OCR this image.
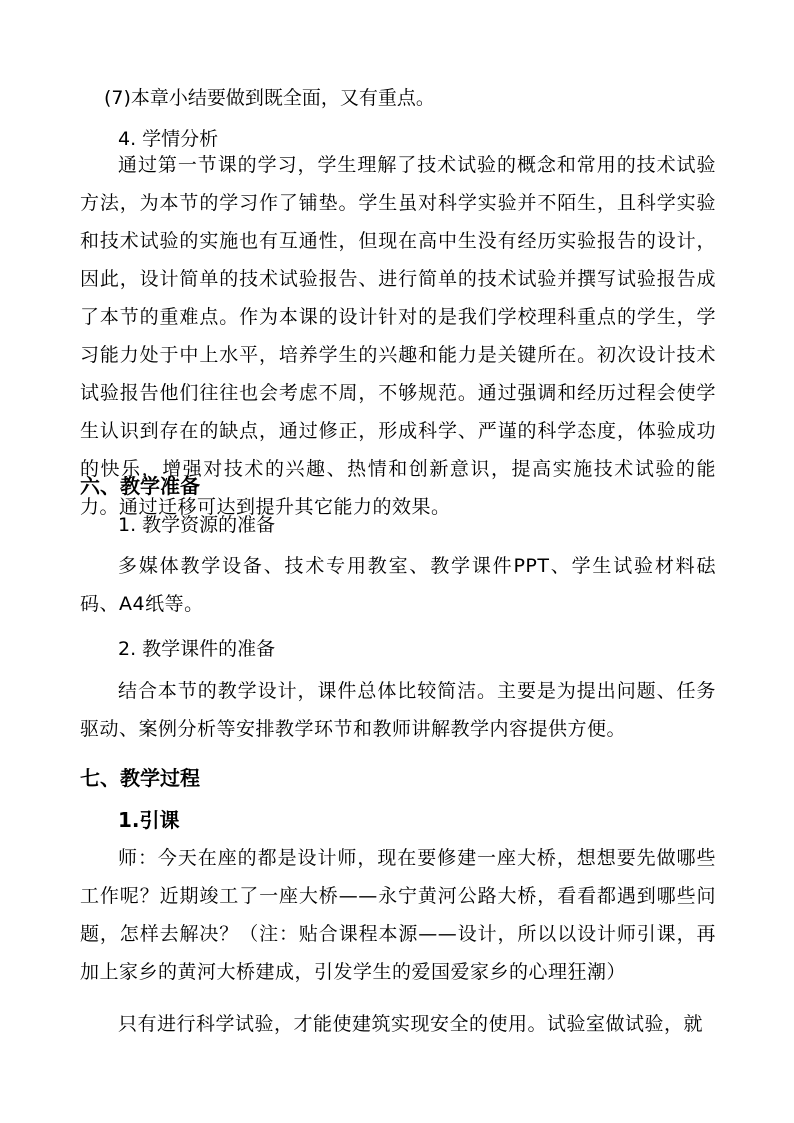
(7)本章小结要做到既全面，又有重点。
4. 学情分析
通过第一节课的学习，学生理解了技术试验的概念和常用的技术试验方法，为本节的学习作了铺垫。学生虽对科学实验并不陌生，且科学实验和技术试验的实施也有互通性，但现在高中生没有经历实验报告的设计，因此，设计简单的技术试验报告、进行简单的技术试验并撰写试验报告成了本节的重难点。作为本课的设计针对的是我们学校理科重点的学生，学习能力处于中上水平，培养学生的兴趣和能力是关键所在。初次设计技术试验报告他们往往也会考虑不周，不够规范。通过强调和经历过程会使学生认识到存在的缺点，通过修正，形成科学、严谨的科学态度，体验成功的快乐，增强对技术的兴趣、热情和创新意识，提高实施技术试验的能力。通过迁移可达到提升其它能力的效果。
六、教学准备
1. 教学资源的准备
多媒体教学设备、技术专用教室、教学课件PPT、学生试验材料砝码、A4纸等。
2. 教学课件的准备
结合本节的教学设计，课件总体比较简洁。主要是为提出问题、任务驱动、案例分析等安排教学环节和教师讲解教学内容提供方便。
七、教学过程
1.引课
师：今天在座的都是设计师，现在要修建一座大桥，想想要先做哪些工作呢？近期竣工了一座大桥——永宁黄河公路大桥，看看都遇到哪些问题，怎样去解决？（注：贴合课程本源——设计，所以以设计师引课，再加上家乡的黄河大桥建成，引发学生的爱国爱家乡的心理狂潮）
只有进行科学试验，才能使建筑实现安全的使用。试验室做试验，就
